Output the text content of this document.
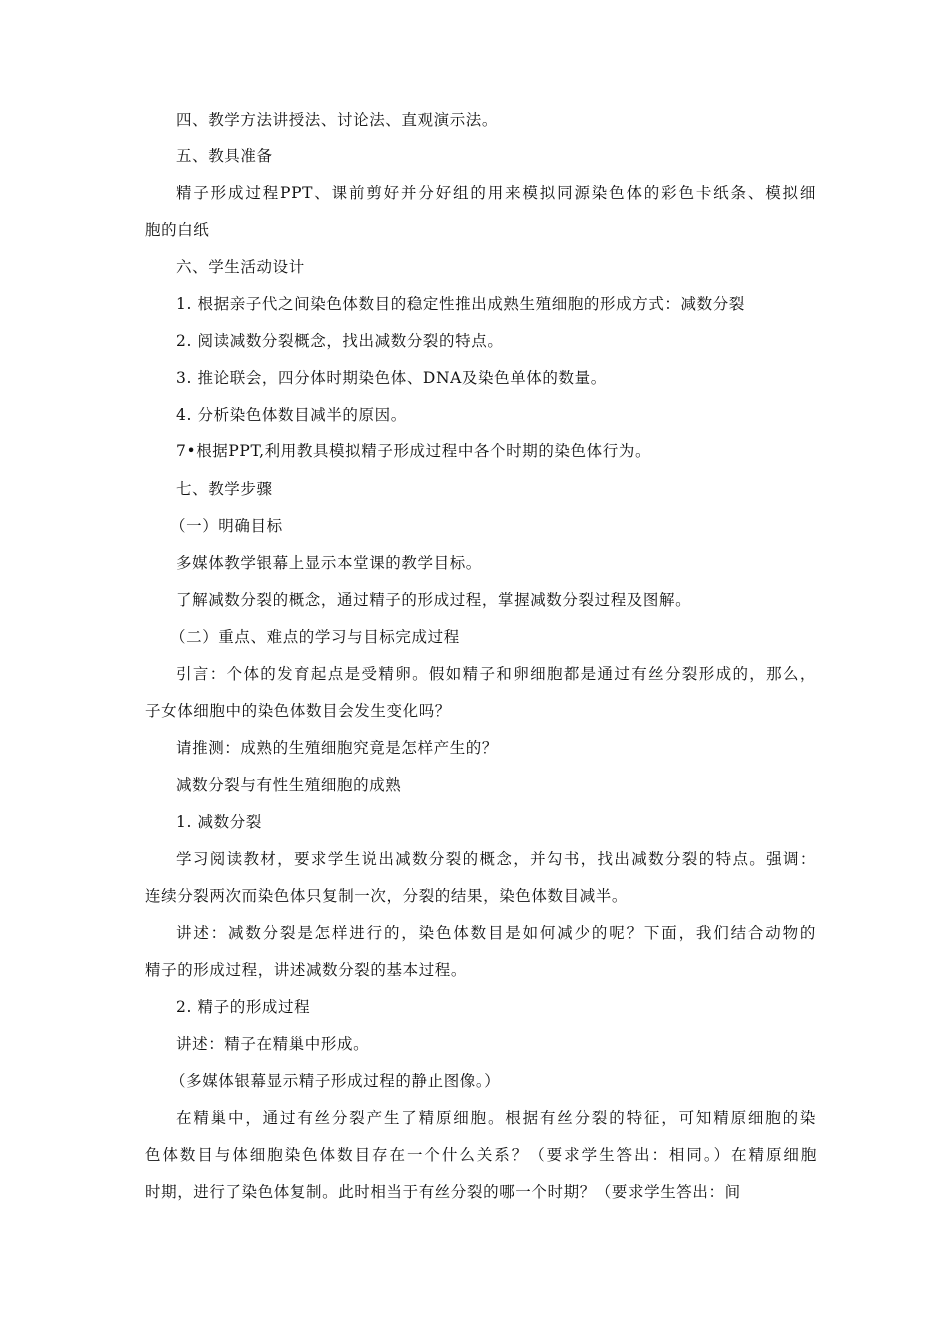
四、教学方法讲授法、讨论法、直观演示法。
五、教具准备
精子形成过程PPT、课前剪好并分好组的用来模拟同源染色体的彩色卡纸条、模拟细
胞的白纸
六、学生活动设计
1. 根据亲子代之间染色体数目的稳定性推出成熟生殖细胞的形成方式：减数分裂
2. 阅读减数分裂概念，找出减数分裂的特点。
3. 推论联会，四分体时期染色体、DNA及染色单体的数量。
4. 分析染色体数目减半的原因。
7•根据PPT,利用教具模拟精子形成过程中各个时期的染色体行为。
七、教学步骤
（一）明确目标
多媒体教学银幕上显示本堂课的教学目标。
了解减数分裂的概念，通过精子的形成过程，掌握减数分裂过程及图解。
（二）重点、难点的学习与目标完成过程
引言：个体的发育起点是受精卵。假如精子和卵细胞都是通过有丝分裂形成的，那么，
子女体细胞中的染色体数目会发生变化吗？
请推测：成熟的生殖细胞究竟是怎样产生的？
减数分裂与有性生殖细胞的成熟
1. 减数分裂
学习阅读教材，要求学生说出减数分裂的概念，并勾书，找出减数分裂的特点。强调：
连续分裂两次而染色体只复制一次，分裂的结果，染色体数目减半。
讲述：减数分裂是怎样进行的，染色体数目是如何减少的呢？下面，我们结合动物的
精子的形成过程，讲述减数分裂的基本过程。
2. 精子的形成过程
讲述：精子在精巢中形成。
（多媒体银幕显示精子形成过程的静止图像。）
在精巢中，通过有丝分裂产生了精原细胞。根据有丝分裂的特征，可知精原细胞的染
色体数目与体细胞染色体数目存在一个什么关系？（要求学生答出：相同。）在精原细胞
时期，进行了染色体复制。此时相当于有丝分裂的哪一个时期？（要求学生答出：间
